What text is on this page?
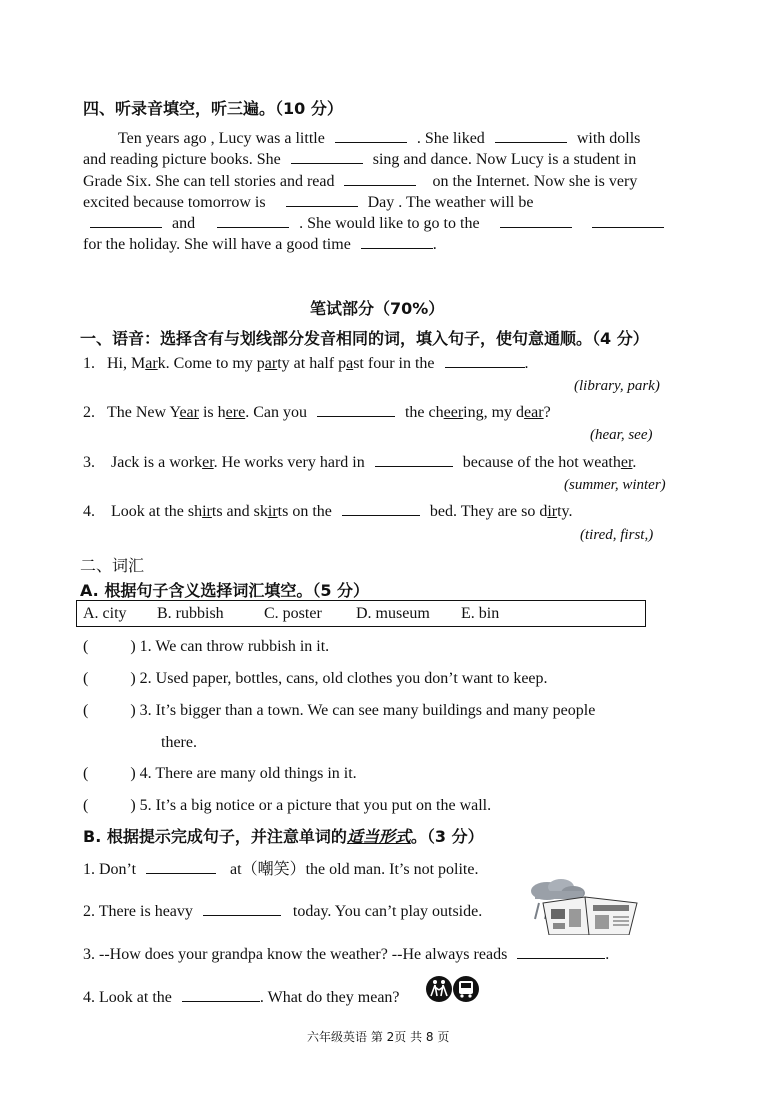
四、听录音填空，听三遍。（10 分）
Ten years ago , Lucy was a little	. She liked	with dolls
and reading picture books. She	sing and dance. Now Lucy is a student in
Grade Six. She can tell stories and read	on the Internet. Now she is very
excited because tomorrow is	Day . The weather will be
and	. She would like to go to the
for the holiday. She will have a good time	.
笔试部分（70%）
一、语音：选择含有与划线部分发音相同的词，填入句子，使句意通顺。（4 分）
1. Hi, Mark. Come to my party at half past four in the	.
(library, park)
2. The New Year is here. Can you	the cheering, my dear?
(hear, see)
3. Jack is a worker. He works very hard in	because of the hot weather.
(summer, winter)
4. Look at the shirts and skirts on the	bed. They are so dirty.
(tired, first,)
二、词汇
A. 根据句子含义选择词汇填空。（5 分）
A. city B. rubbish	C. poster D. museum E. bin
(	) 1. We can throw rubbish in it.
(	) 2. Used paper, bottles, cans, old clothes you don’t want to keep.
(	) 3. It’s bigger than a town. We can see many buildings and many people
there.
(	) 4. There are many old things in it.
(	) 5. It’s a big notice or a picture that you put on the wall.
B. 根据提示完成句子，并注意单词的适当形式。（3 分）
1. Don’t	at（嘲笑）the old man. It’s not polite.
2. There is heavy	today. You can’t play outside.
3. --How does your grandpa know the weather? --He always reads	.
4. Look at the	. What do they mean?
六年级英语 第 2页 共 8 页
